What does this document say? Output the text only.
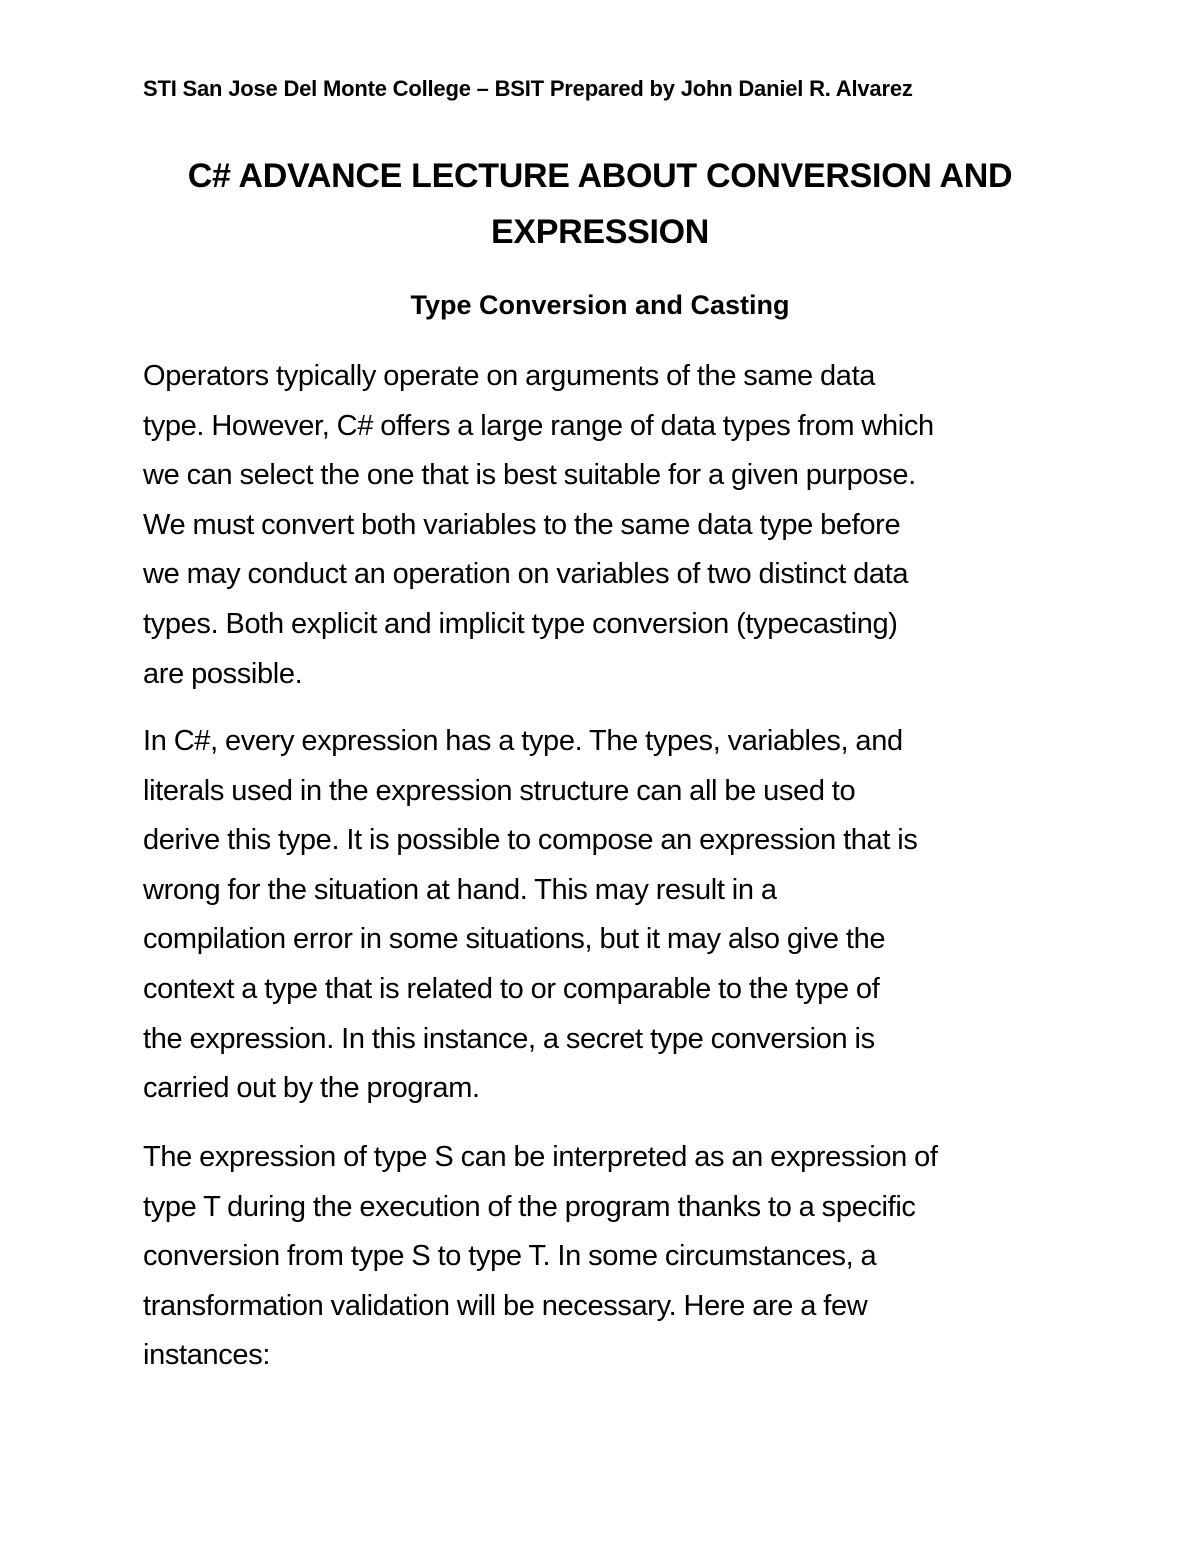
STI San Jose Del Monte College – BSIT Prepared by John Daniel R. Alvarez
C# ADVANCE LECTURE ABOUT CONVERSION AND
EXPRESSION
Type Conversion and Casting
Operators typically operate on arguments of the same data
type. However, C# offers a large range of data types from which
we can select the one that is best suitable for a given purpose.
We must convert both variables to the same data type before
we may conduct an operation on variables of two distinct data
types. Both explicit and implicit type conversion (typecasting)
are possible.
In C#, every expression has a type. The types, variables, and
literals used in the expression structure can all be used to
derive this type. It is possible to compose an expression that is
wrong for the situation at hand. This may result in a
compilation error in some situations, but it may also give the
context a type that is related to or comparable to the type of
the expression. In this instance, a secret type conversion is
carried out by the program.
The expression of type S can be interpreted as an expression of
type T during the execution of the program thanks to a specific
conversion from type S to type T. In some circumstances, a
transformation validation will be necessary. Here are a few
instances:
